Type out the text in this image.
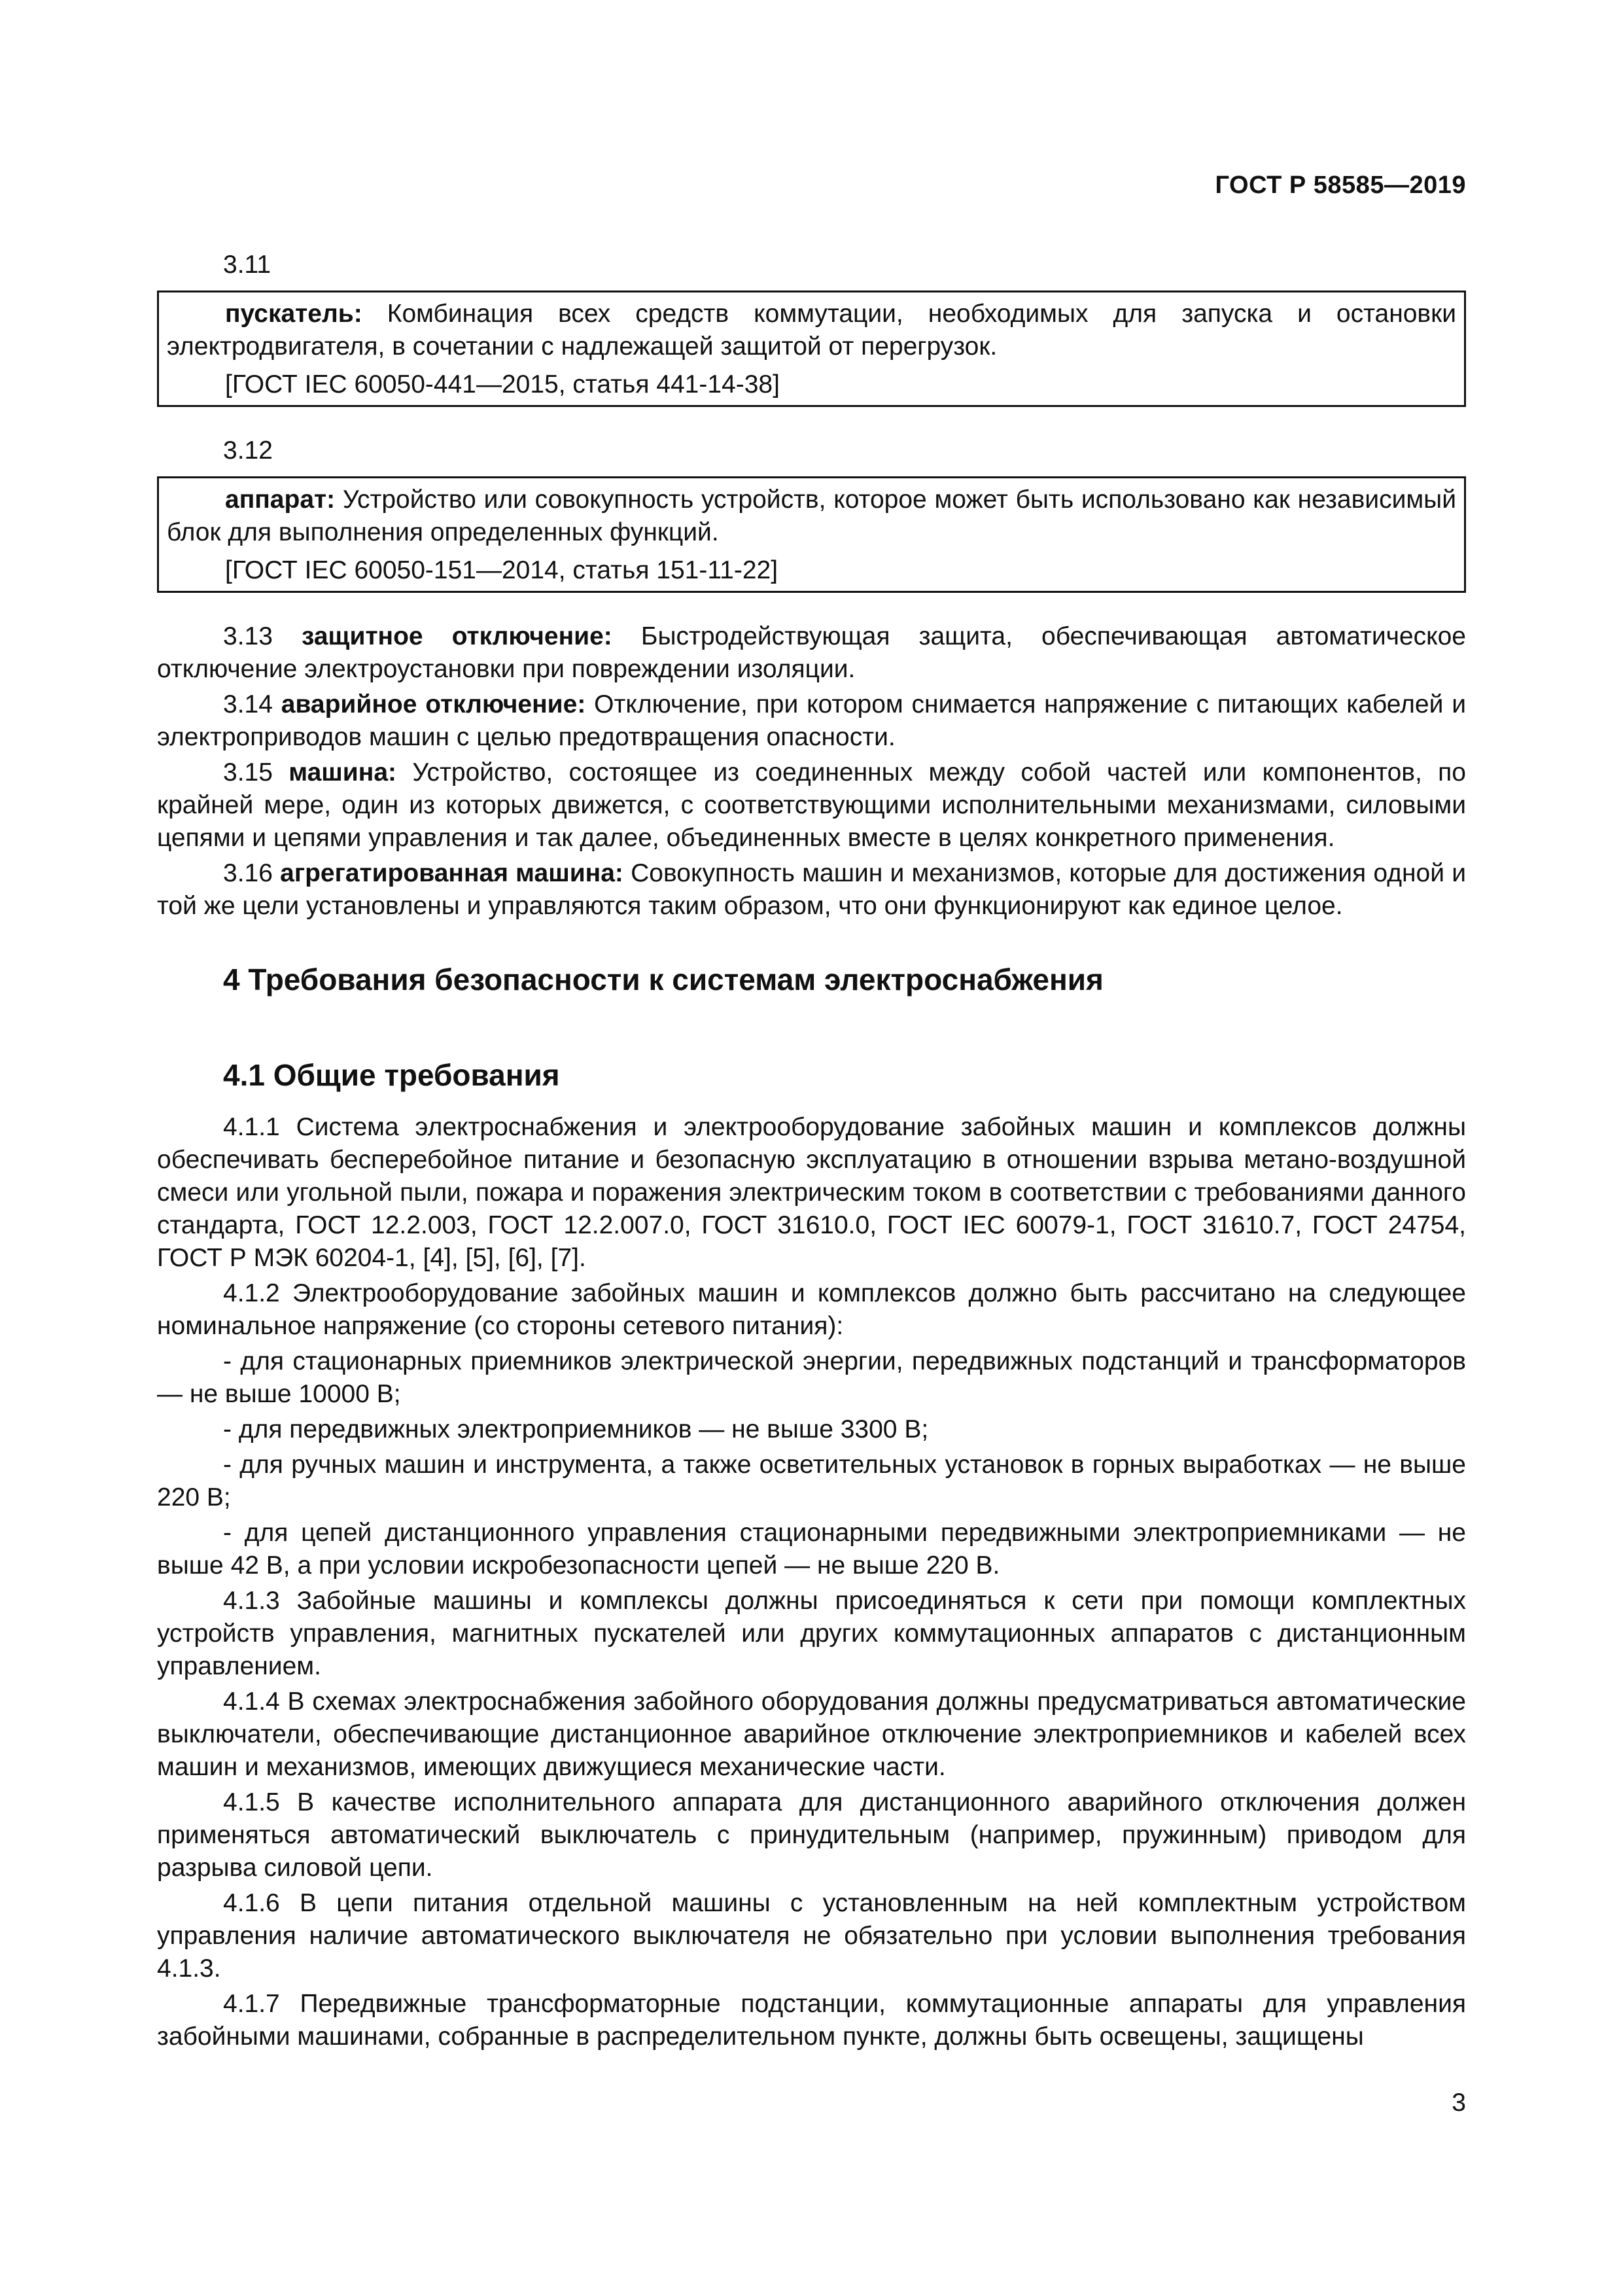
ГОСТ Р 58585—2019
3.11

пускатель: Комбинация всех средств коммутации, необходимых для запуска и остановки электродвигателя, в сочетании с надлежащей защитой от перегрузок.

[ГОСТ IEC 60050-441—2015, статья 441-14-38]

3.12

аппарат: Устройство или совокупность устройств, которое может быть использовано как независимый блок для выполнения определенных функций.

[ГОСТ IEC 60050-151—2014, статья 151-11-22]

3.13 защитное отключение: Быстродействующая защита, обеспечивающая автоматическое отключение электроустановки при повреждении изоляции.

3.14 аварийное отключение: Отключение, при котором снимается напряжение с питающих кабелей и электроприводов машин с целью предотвращения опасности.

3.15 машина: Устройство, состоящее из соединенных между собой частей или компонентов, по крайней мере, один из которых движется, с соответствующими исполнительными механизмами, силовыми цепями и цепями управления и так далее, объединенных вместе в целях конкретного применения.

3.16 агрегатированная машина: Совокупность машин и механизмов, которые для достижения одной и той же цели установлены и управляются таким образом, что они функционируют как единое целое.

4 Требования безопасности к системам электроснабжения
4.1 Общие требования

4.1.1 Система электроснабжения и электрооборудование забойных машин и комплексов должны обеспечивать бесперебойное питание и безопасную эксплуатацию в отношении взрыва метано-воздушной смеси или угольной пыли, пожара и поражения электрическим током в соответствии с требованиями данного стандарта, ГОСТ 12.2.003, ГОСТ 12.2.007.0, ГОСТ 31610.0, ГОСТ IEC 60079-1, ГОСТ 31610.7, ГОСТ 24754, ГОСТ Р МЭК 60204-1, [4], [5], [6], [7].

4.1.2 Электрооборудование забойных машин и комплексов должно быть рассчитано на следующее номинальное напряжение (со стороны сетевого питания):

- для стационарных приемников электрической энергии, передвижных подстанций и трансформаторов — не выше 10000 В;

- для передвижных электроприемников — не выше 3300 В;

- для ручных машин и инструмента, а также осветительных установок в горных выработках — не выше 220 В;

- для цепей дистанционного управления стационарными передвижными электроприемниками — не выше 42 В, а при условии искробезопасности цепей — не выше 220 В.

4.1.3 Забойные машины и комплексы должны присоединяться к сети при помощи комплектных устройств управления, магнитных пускателей или других коммутационных аппаратов с дистанционным управлением.

4.1.4 В схемах электроснабжения забойного оборудования должны предусматриваться автоматические выключатели, обеспечивающие дистанционное аварийное отключение электроприемников и кабелей всех машин и механизмов, имеющих движущиеся механические части.

4.1.5 В качестве исполнительного аппарата для дистанционного аварийного отключения должен применяться автоматический выключатель с принудительным (например, пружинным) приводом для разрыва силовой цепи.

4.1.6 В цепи питания отдельной машины с установленным на ней комплектным устройством управления наличие автоматического выключателя не обязательно при условии выполнения требования 4.1.3.

4.1.7 Передвижные трансформаторные подстанции, коммутационные аппараты для управления забойными машинами, собранные в распределительном пункте, должны быть освещены, защищены

3
